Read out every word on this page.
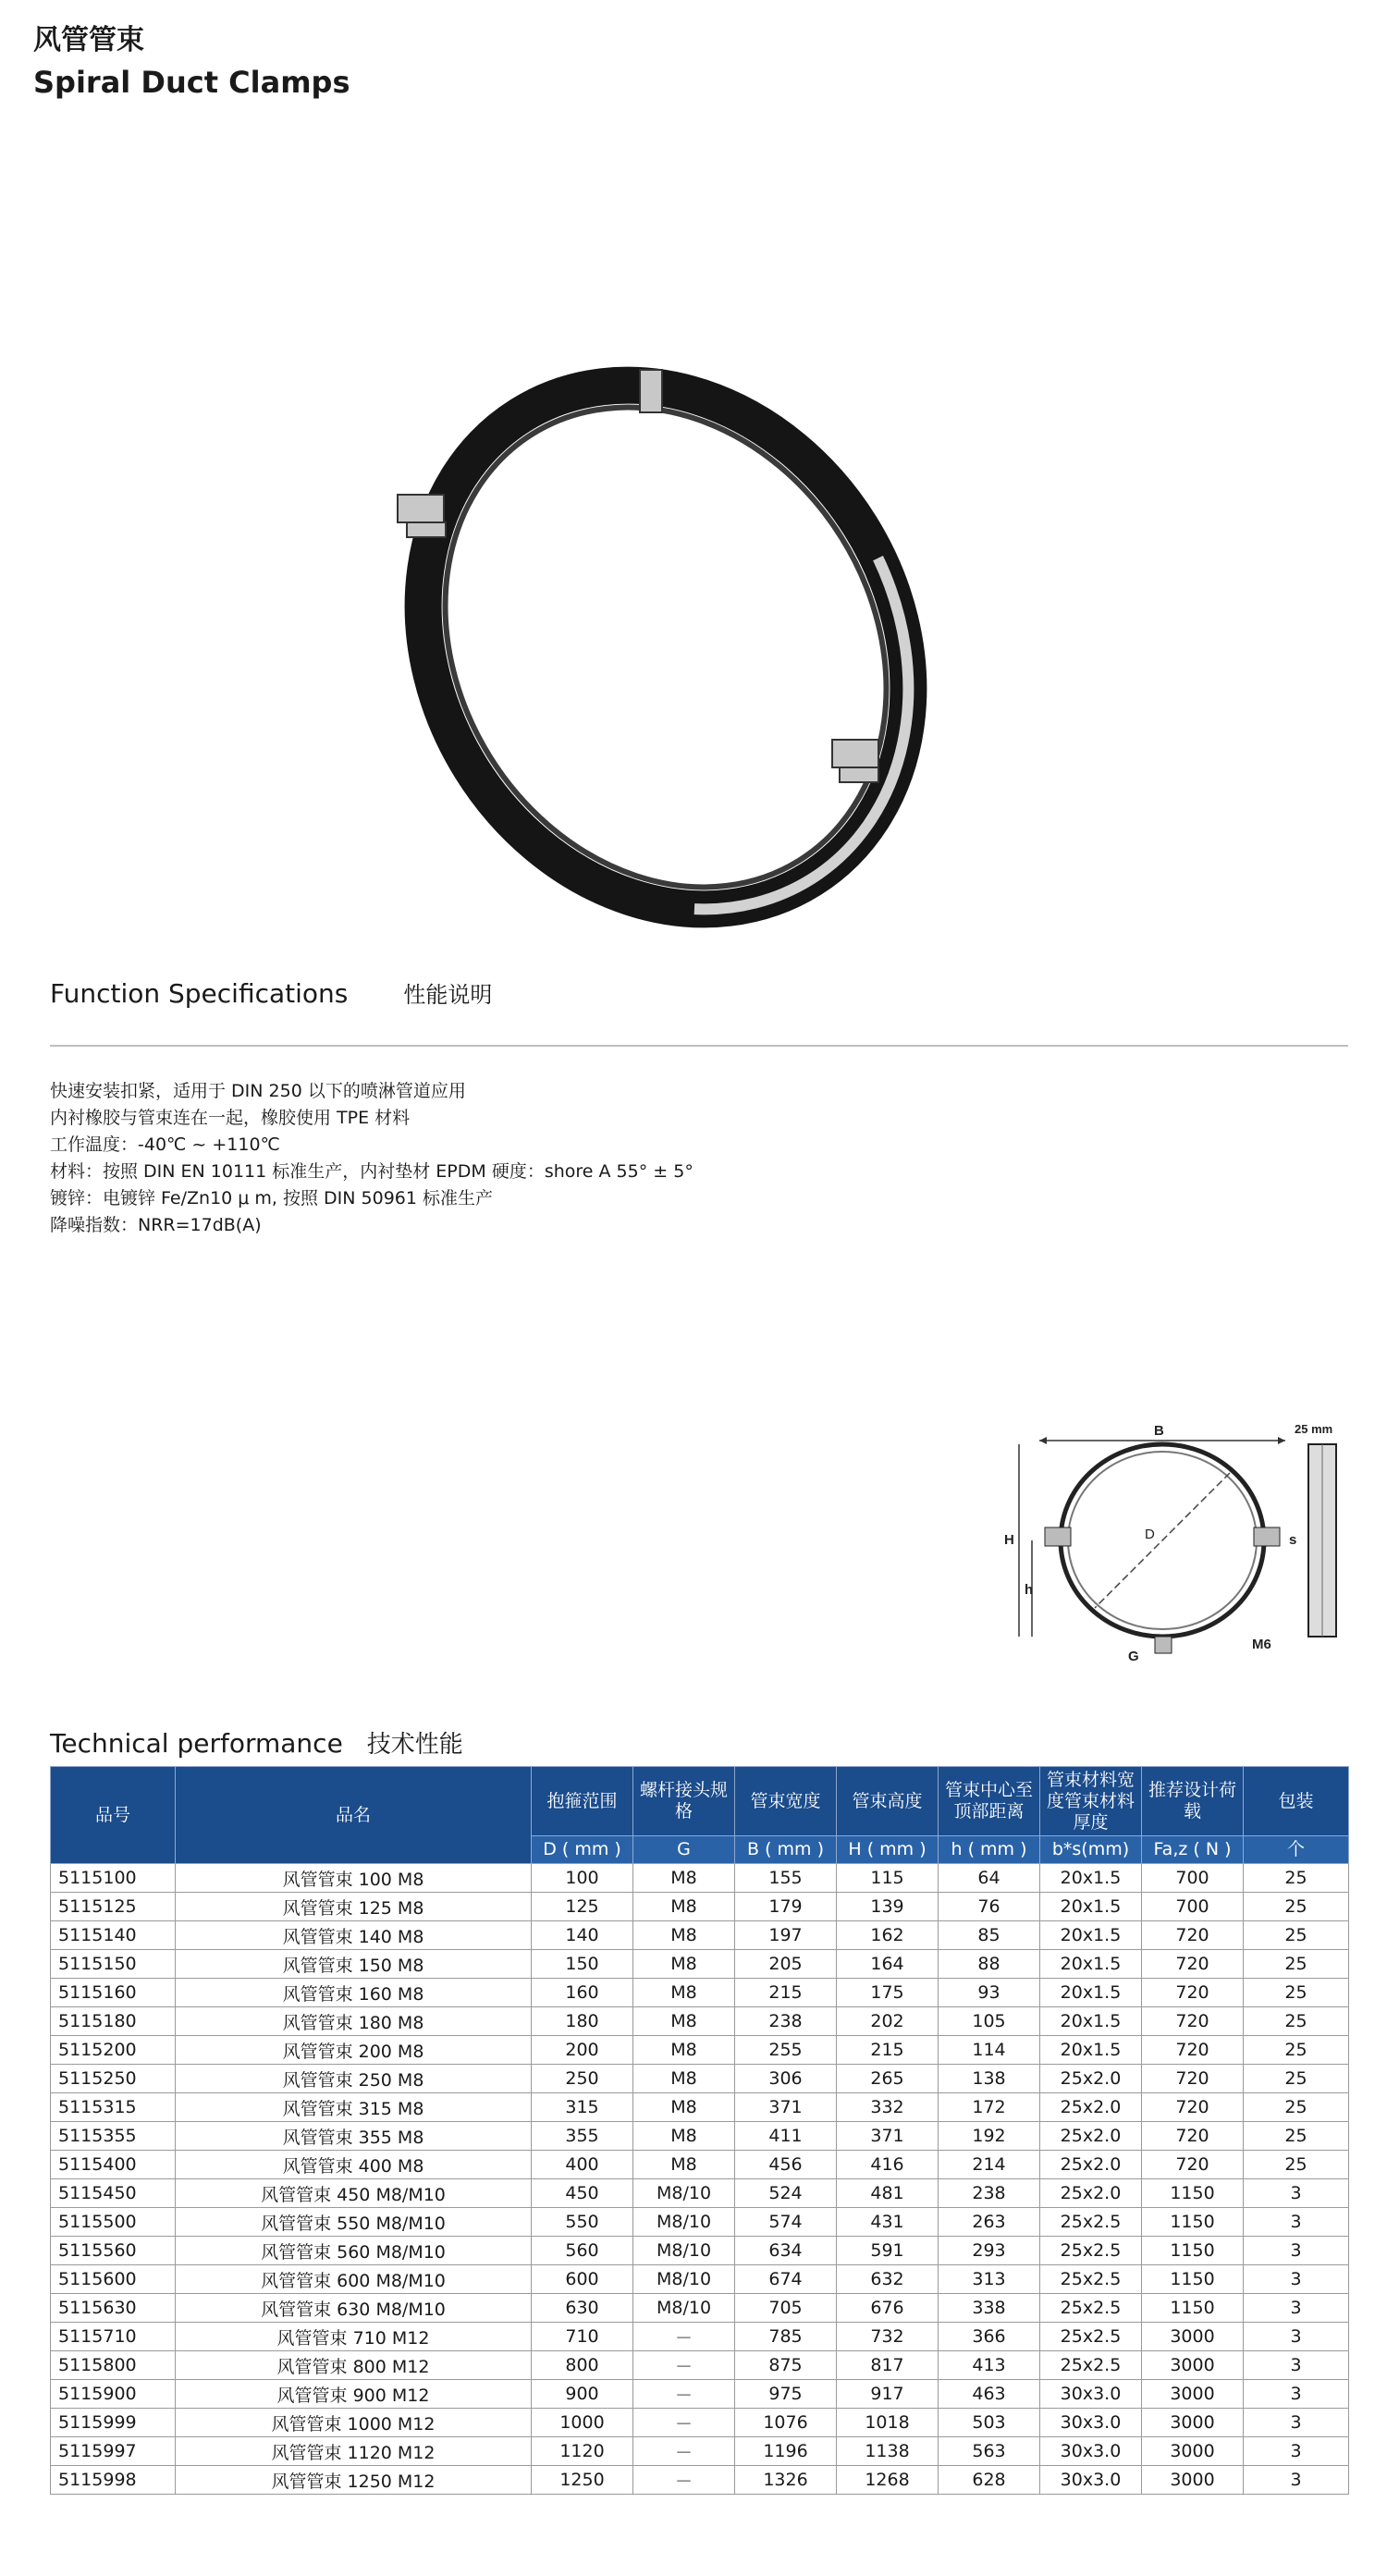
风管管束
Spiral Duct Clamps
Function Specifications	性能说明
快速安装扣紧，适用于 DIN 250 以下的喷淋管道应用
内衬橡胶与管束连在一起，橡胶使用 TPE 材料
工作温度：-40℃ ~ +110℃
材料：按照 DIN EN 10111 标准生产，内衬垫材 EPDM 硬度：shore A 55° ± 5°
镀锌：电镀锌 Fe/Zn10 μ m, 按照 DIN 50961 标准生产
降噪指数：NRR=17dB(A)
B
D
H
h
s
M6
G
25 mm
Technical performance 技术性能
品号	品名	抱箍范围	螺杆接头规格	管束宽度	管束高度	管束中心至顶部距离	管束材料宽度管束材料厚度	推荐设计荷载	包装
		D ( mm )	G	B ( mm )	H ( mm )	h ( mm )	b*s(mm)	Fa,z ( N )	个
5115100	风管管束 100 M8	100	M8	155	115	64	20x1.5	700	25
5115125	风管管束 125 M8	125	M8	179	139	76	20x1.5	700	25
5115140	风管管束 140 M8	140	M8	197	162	85	20x1.5	720	25
5115150	风管管束 150 M8	150	M8	205	164	88	20x1.5	720	25
5115160	风管管束 160 M8	160	M8	215	175	93	20x1.5	720	25
5115180	风管管束 180 M8	180	M8	238	202	105	20x1.5	720	25
5115200	风管管束 200 M8	200	M8	255	215	114	20x1.5	720	25
5115250	风管管束 250 M8	250	M8	306	265	138	25x2.0	720	25
5115315	风管管束 315 M8	315	M8	371	332	172	25x2.0	720	25
5115355	风管管束 355 M8	355	M8	411	371	192	25x2.0	720	25
5115400	风管管束 400 M8	400	M8	456	416	214	25x2.0	720	25
5115450	风管管束 450 M8/M10	450	M8/10	524	481	238	25x2.0	1150	3
5115500	风管管束 550 M8/M10	550	M8/10	574	431	263	25x2.5	1150	3
5115560	风管管束 560 M8/M10	560	M8/10	634	591	293	25x2.5	1150	3
5115600	风管管束 600 M8/M10	600	M8/10	674	632	313	25x2.5	1150	3
5115630	风管管束 630 M8/M10	630	M8/10	705	676	338	25x2.5	1150	3
5115710	风管管束 710 M12	710	－	785	732	366	25x2.5	3000	3
5115800	风管管束 800 M12	800	－	875	817	413	25x2.5	3000	3
5115900	风管管束 900 M12	900	－	975	917	463	30x3.0	3000	3
5115999	风管管束 1000 M12	1000	－	1076	1018	503	30x3.0	3000	3
5115997	风管管束 1120 M12	1120	－	1196	1138	563	30x3.0	3000	3
5115998	风管管束 1250 M12	1250	－	1326	1268	628	30x3.0	3000	3
